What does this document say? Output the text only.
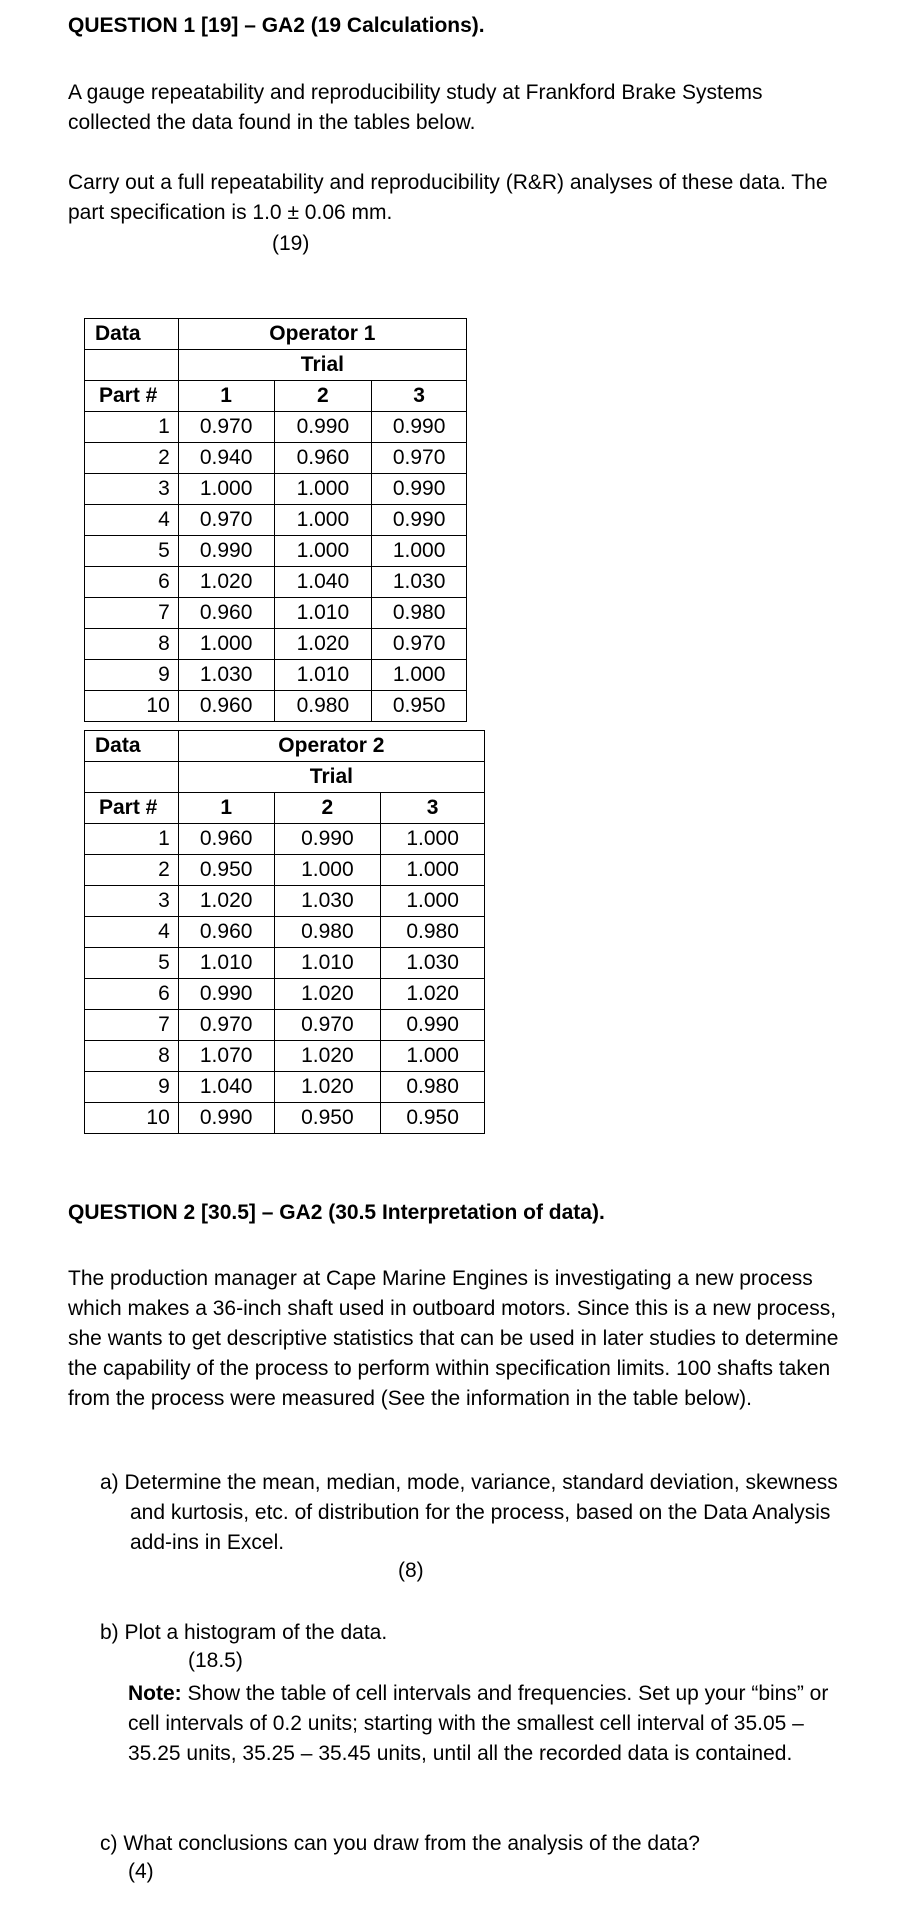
QUESTION 1 [19] – GA2 (19 Calculations).
A gauge repeatability and reproducibility study at Frankford Brake Systems collected the data found in the tables below.
Carry out a full repeatability and reproducibility (R&R) analyses of these data. The part specification is 1.0 ± 0.06 mm.
(19)
Data	Operator 1		
	Trial		
Part #	1	2	3
1	0.970	0.990	0.990
2	0.940	0.960	0.970
3	1.000	1.000	0.990
4	0.970	1.000	0.990
5	0.990	1.000	1.000
6	1.020	1.040	1.030
7	0.960	1.010	0.980
8	1.000	1.020	0.970
9	1.030	1.010	1.000
10	0.960	0.980	0.950
Data	Operator 2		
	Trial		
Part #	1	2	3
1	0.960	0.990	1.000
2	0.950	1.000	1.000
3	1.020	1.030	1.000
4	0.960	0.980	0.980
5	1.010	1.010	1.030
6	0.990	1.020	1.020
7	0.970	0.970	0.990
8	1.070	1.020	1.000
9	1.040	1.020	0.980
10	0.990	0.950	0.950
QUESTION 2 [30.5] – GA2 (30.5 Interpretation of data).
The production manager at Cape Marine Engines is investigating a new process which makes a 36-inch shaft used in outboard motors. Since this is a new process, she wants to get descriptive statistics that can be used in later studies to determine the capability of the process to perform within specification limits. 100 shafts taken from the process were measured (See the information in the table below).
a) Determine the mean, median, mode, variance, standard deviation, skewness and kurtosis, etc. of distribution for the process, based on the Data Analysis add-ins in Excel.
(8)
b) Plot a histogram of the data.
(18.5)
Note: Show the table of cell intervals and frequencies. Set up your “bins” or cell intervals of 0.2 units; starting with the smallest cell interval of 35.05 – 35.25 units, 35.25 – 35.45 units, until all the recorded data is contained.
c) What conclusions can you draw from the analysis of the data?
(4)
